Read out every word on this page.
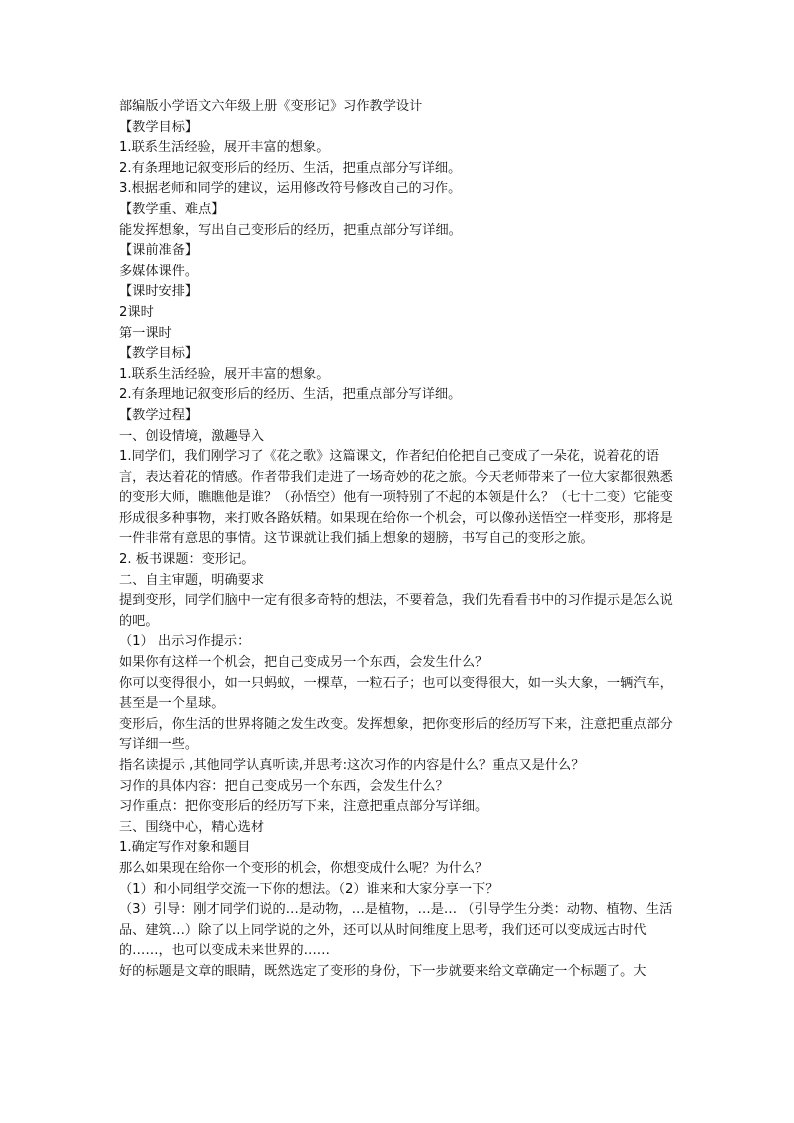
部编版小学语文六年级上册《变形记》习作教学设计

【教学目标】

1.联系生活经验，展开丰富的想象。

2.有条理地记叙变形后的经历、生活，把重点部分写详细。

3.根据老师和同学的建议，运用修改符号修改自己的习作。

【教学重、难点】

能发挥想象，写出自己变形后的经历，把重点部分写详细。

【课前准备】

多媒体课件。

【课时安排】

2课时

第一课时

【教学目标】

1.联系生活经验，展开丰富的想象。

2.有条理地记叙变形后的经历、生活，把重点部分写详细。

【教学过程】

一、创设情境，激趣导入

1.同学们，我们刚学习了《花之歌》这篇课文，作者纪伯伦把自己变成了一朵花，说着花的语言，表达着花的情感。作者带我们走进了一场奇妙的花之旅。今天老师带来了一位大家都很熟悉的变形大师，瞧瞧他是谁？（孙悟空）他有一项特别了不起的本领是什么？（七十二变）它能变形成很多种事物，来打败各路妖精。如果现在给你一个机会，可以像孙送悟空一样变形，那将是一件非常有意思的事情。这节课就让我们插上想象的翅膀，书写自己的变形之旅。

2. 板书课题：变形记。

二、自主审题，明确要求

提到变形，同学们脑中一定有很多奇特的想法，不要着急，我们先看看书中的习作提示是怎么说的吧。

（1） 出示习作提示：

如果你有这样一个机会，把自己变成另一个东西，会发生什么？

你可以变得很小，如一只蚂蚁，一棵草，一粒石子；也可以变得很大，如一头大象，一辆汽车，甚至是一个星球。

变形后，你生活的世界将随之发生改变。发挥想象，把你变形后的经历写下来，注意把重点部分写详细一些。

指名读提示 ,其他同学认真听读,并思考:这次习作的内容是什么？重点又是什么？

习作的具体内容：把自己变成另一个东西，会发生什么？

习作重点：把你变形后的经历写下来，注意把重点部分写详细。

三、围绕中心，精心选材

1.确定写作对象和题目

那么如果现在给你一个变形的机会，你想变成什么呢？为什么？

（1）和小同组学交流一下你的想法。（2）谁来和大家分享一下？

（3）引导：刚才同学们说的…是动物，…是植物，…是… （引导学生分类：动物、植物、生活品、建筑…）除了以上同学说的之外，还可以从时间维度上思考，我们还可以变成远古时代的……，也可以变成未来世界的……

好的标题是文章的眼睛，既然选定了变形的身份，下一步就要来给文章确定一个标题了。大
